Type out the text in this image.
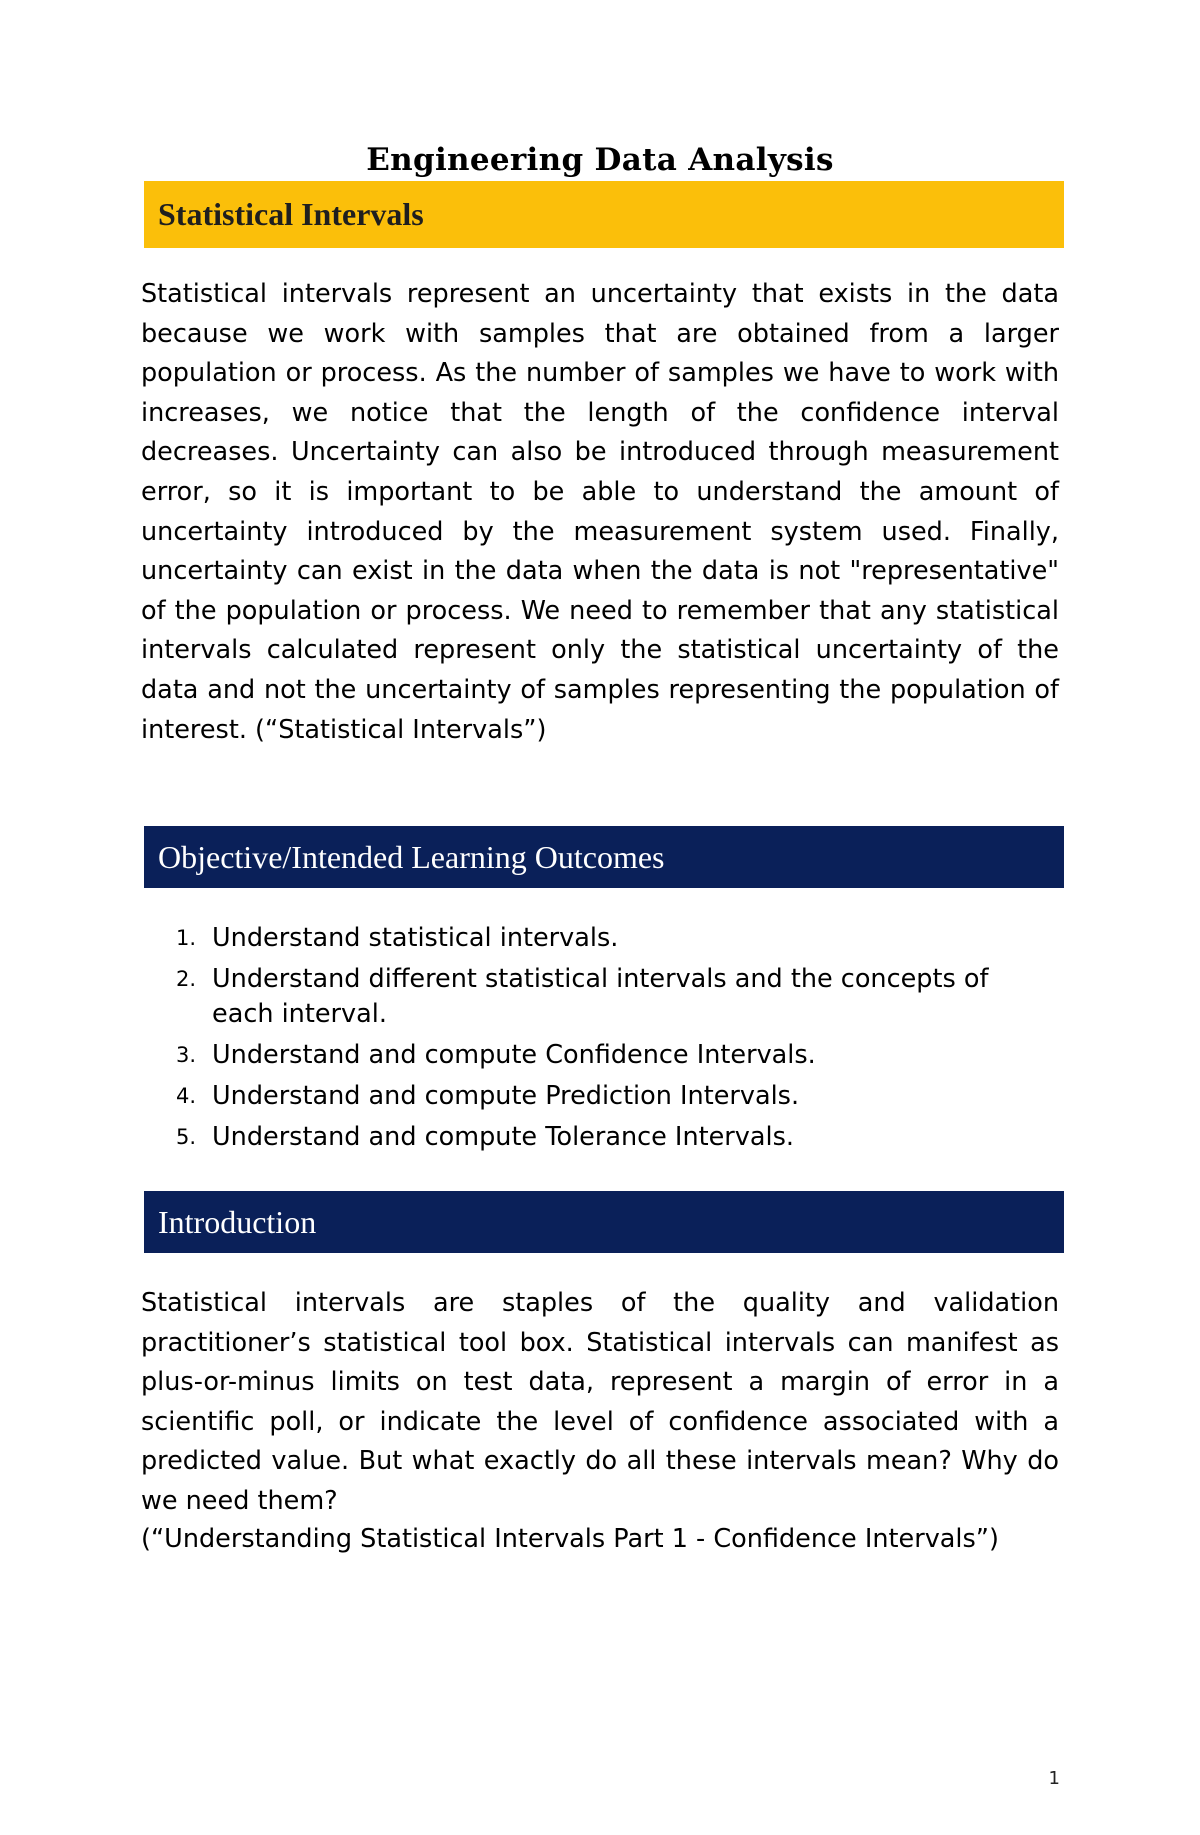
Engineering Data Analysis
Statistical Intervals

Statistical intervals represent an uncertainty that exists in the data because we work with samples that are obtained from a larger population or process. As the number of samples we have to work with increases, we notice that the length of the confidence interval decreases. Uncertainty can also be introduced through measurement error, so it is important to be able to understand the amount of uncertainty introduced by the measurement system used. Finally, uncertainty can exist in the data when the data is not "representative" of the population or process. We need to remember that any statistical intervals calculated represent only the statistical uncertainty of the data and not the uncertainty of samples representing the population of interest. (“Statistical Intervals”)

Objective/Intended Learning Outcomes
1. Understand statistical intervals.
2. Understand different statistical intervals and the concepts of each interval.
3. Understand and compute Confidence Intervals.
4. Understand and compute Prediction Intervals.
5. Understand and compute Tolerance Intervals.
Introduction

Statistical intervals are staples of the quality and validation practitioner’s statistical tool box. Statistical intervals can manifest as plus-or-minus limits on test data, represent a margin of error in a scientific poll, or indicate the level of confidence associated with a predicted value. But what exactly do all these intervals mean? Why do we need them?

(“Understanding Statistical Intervals Part 1 - Confidence Intervals”)

1
